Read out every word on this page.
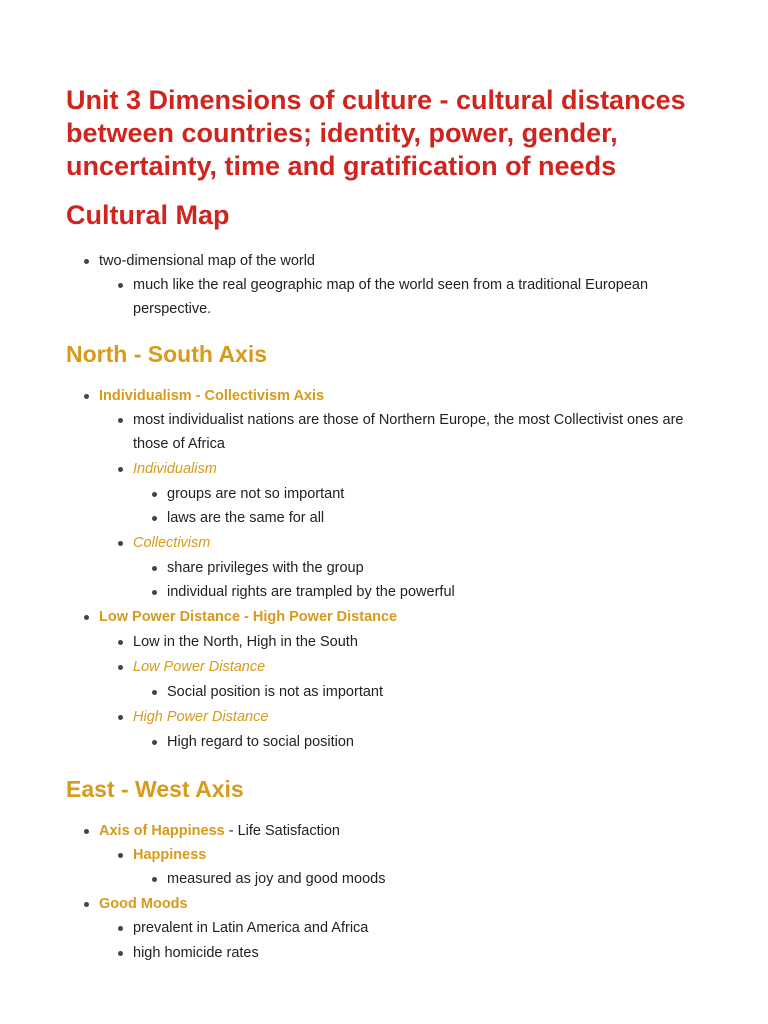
Unit 3 Dimensions of culture - cultural distances between countries; identity, power, gender, uncertainty, time and gratification of needs
Cultural Map
two-dimensional map of the world
much like the real geographic map of the world seen from a traditional European perspective.
North - South Axis
Individualism - Collectivism Axis
most individualist nations are those of Northern Europe, the most Collectivist ones are those of Africa
Individualism
groups are not so important
laws are the same for all
Collectivism
share privileges with the group
individual rights are trampled by the powerful
Low Power Distance - High Power Distance
Low in the North, High in the South
Low Power Distance
Social position is not as important
High Power Distance
High regard to social position
East - West Axis
Axis of Happiness - Life Satisfaction
Happiness
measured as joy and good moods
Good Moods
prevalent in Latin America and Africa
high homicide rates
